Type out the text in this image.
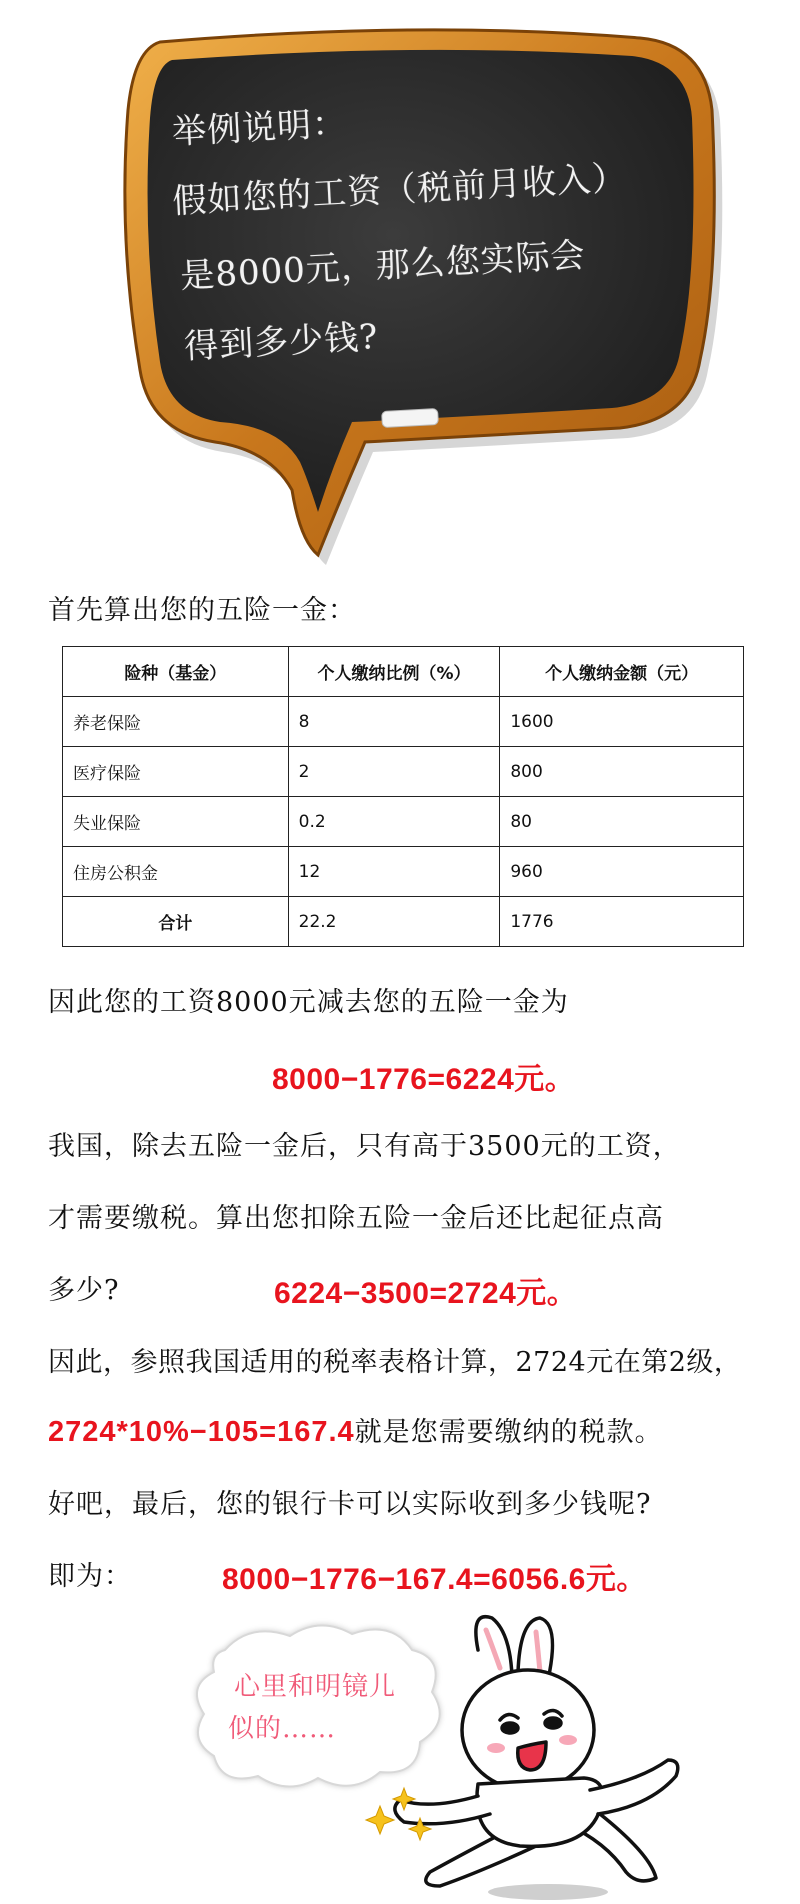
举例说明：
假如您的工资（税前月收入）
是8000元，那么您实际会
得到多少钱?
首先算出您的五险一金：
险种（基金）	个人缴纳比例（%）	个人缴纳金额（元）
养老保险	8	1600
医疗保险	2	800
失业保险	0.2	80
住房公积金	12	960
合计	22.2	1776
因此您的工资8000元减去您的五险一金为
8000−1776=6224元。
我国，除去五险一金后，只有高于3500元的工资，
才需要缴税。算出您扣除五险一金后还比起征点高
多少?	6224−3500=2724元。
因此，参照我国适用的税率表格计算，2724元在第2级，
2724*10%−105=167.4就是您需要缴纳的税款。
好吧，最后，您的银行卡可以实际收到多少钱呢?
即为：	8000−1776−167.4=6056.6元。
心里和明镜儿
似的……
